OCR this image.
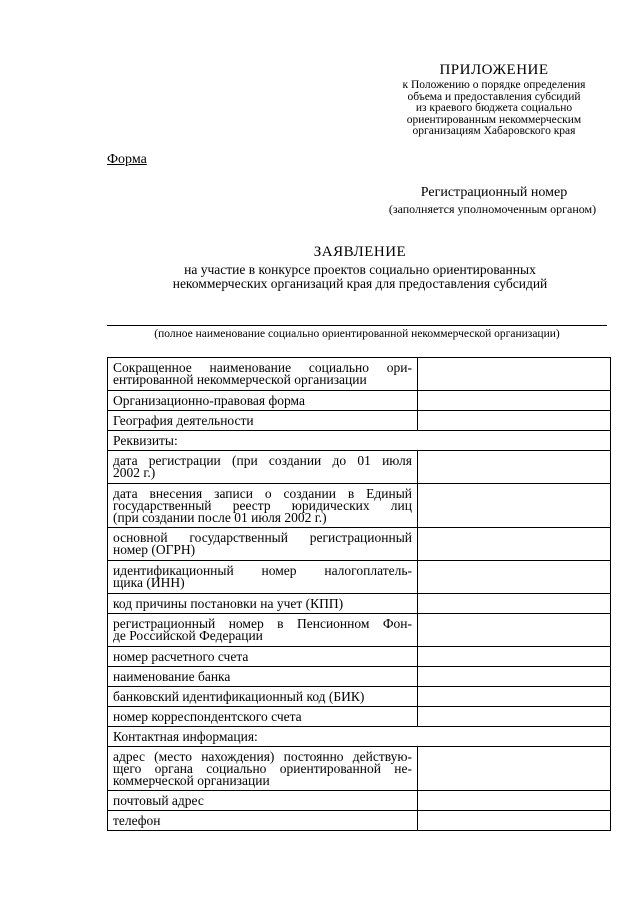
ПРИЛОЖЕНИЕ
к Положению о порядке определения
объема и предоставления субсидий
из краевого бюджета социально
ориентированным некоммерческим
организациям Хабаровского края
Форма
Регистрационный номер
(заполняется уполномоченным органом)
ЗАЯВЛЕНИЕ
на участие в конкурсе проектов социально ориентированных
некоммерческих организаций края для предоставления субсидий
(полное наименование социально ориентированной некоммерческой организации)
Сокращенное наименование социально ори-
ентированной некоммерческой организации	

Организационно-правовая форма	

География деятельности	

Реквизиты:	

дата регистрации (при создании до 01 июля
2002 г.)	

дата внесения записи о создании в Единый
государственный реестр юридических лиц
(при создании после 01 июля 2002 г.)	

основной государственный регистрационный
номер (ОГРН)	

идентификационный номер налогоплатель-
щика (ИНН)	

код причины постановки на учет (КПП)	

регистрационный номер в Пенсионном Фон-
де Российской Федерации	

номер расчетного счета	

наименование банка	

банковский идентификационный код (БИК)	

номер корреспондентского счета	

Контактная информация:	

адрес (место нахождения) постоянно действую-
щего органа социально ориентированной не-
коммерческой организации	

почтовый адрес	

телефон	
